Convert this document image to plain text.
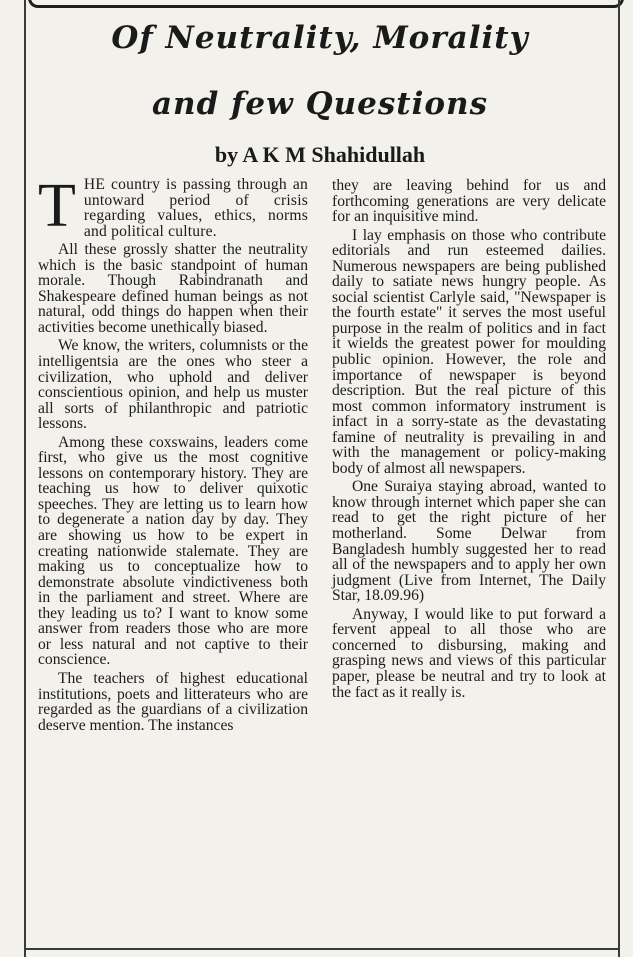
Of Neutrality, Morality
and few Questions
by A K M Shahidullah

THE country is passing through an untoward period of crisis regarding values, ethics, norms and political culture.

All these grossly shatter the neutrality which is the basic standpoint of human morale. Though Rabindranath and Shakespeare defined human beings as not natural, odd things do happen when their activities become unethically biased.

We know, the writers, columnists or the intelligentsia are the ones who steer a civilization, who uphold and deliver conscientious opinion, and help us muster all sorts of philanthropic and patriotic lessons.

Among these coxswains, leaders come first, who give us the most cognitive lessons on contemporary history. They are teaching us how to deliver quixotic speeches. They are letting us to learn how to degenerate a nation day by day. They are showing us how to be expert in creating nationwide stalemate. They are making us to conceptualize how to demonstrate absolute vindictiveness both in the parliament and street. Where are they leading us to? I want to know some answer from readers those who are more or less natural and not captive to their conscience.

The teachers of highest educational institutions, poets and litterateurs who are regarded as the guardians of a civilization deserve mention. The instances

they are leaving behind for us and forthcoming generations are very delicate for an inquisitive mind.

I lay emphasis on those who contribute editorials and run esteemed dailies. Numerous newspapers are being published daily to satiate news hungry people. As social scientist Carlyle said, "Newspaper is the fourth estate" it serves the most useful purpose in the realm of politics and in fact it wields the greatest power for moulding public opinion. However, the role and importance of newspaper is beyond description. But the real picture of this most common informatory instrument is infact in a sorry-state as the devastating famine of neutrality is prevailing in and with the management or policy-making body of almost all newspapers.

One Suraiya staying abroad, wanted to know through internet which paper she can read to get the right picture of her motherland. Some Delwar from Bangladesh humbly suggested her to read all of the newspapers and to apply her own judgment (Live from Internet, The Daily Star, 18.09.96)

Anyway, I would like to put forward a fervent appeal to all those who are concerned to disbursing, making and grasping news and views of this particular paper, please be neutral and try to look at the fact as it really is.
